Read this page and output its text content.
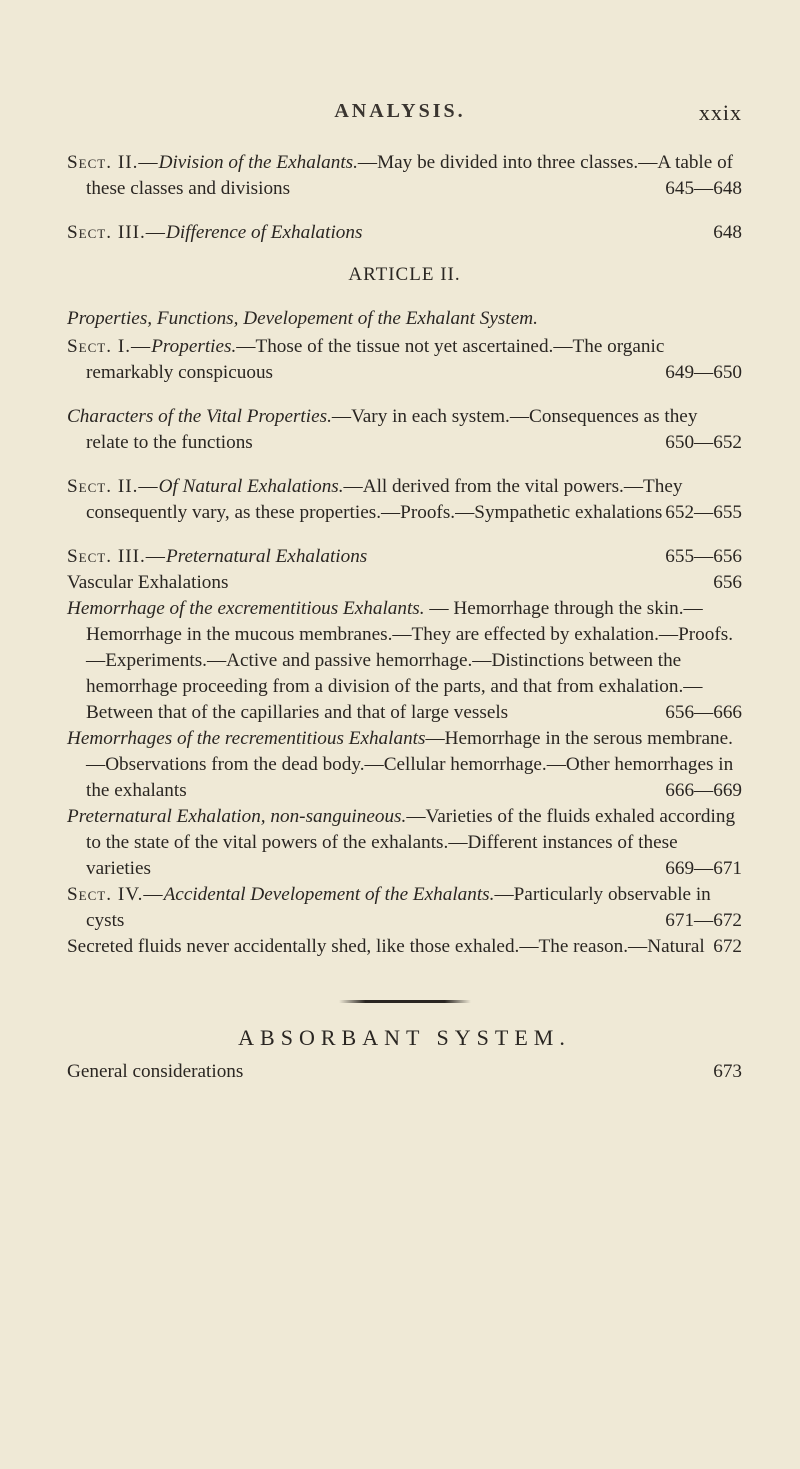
ANALYSIS.	xxix
Sect. II.—Division of the Exhalants.—May be divided into three classes.—A table of these classes and divisions	645—648
Sect. III.—Difference of Exhalations	648
ARTICLE II.
Properties, Functions, Developement of the Exhalant System.
Sect. I.—Properties.—Those of the tissue not yet ascertained.—The organic remarkably conspicuous	649—650
Characters of the Vital Properties.—Vary in each system.—Consequences as they relate to the functions	650—652
Sect. II.—Of Natural Exhalations.—All derived from the vital powers.—They consequently vary, as these properties.—Proofs.—Sympathetic exhalations 652—655
Sect. III.—Preternatural Exhalations	655—656
Vascular Exhalations	656
Hemorrhage of the excrementitious Exhalants. — Hemorrhage through the skin.—Hemorrhage in the mucous membranes.—They are effected by exhalation.—Proofs.—Experiments.—Active and passive hemorrhage.—Distinctions between the hemorrhage proceeding from a division of the parts, and that from exhalation.—Between that of the capillaries and that of large vessels	656—666
Hemorrhages of the recrementitious Exhalants—Hemorrhage in the serous membrane.—Observations from the dead body.—Cellular hemorrhage.—Other hemorrhages in the exhalants	666—669
Preternatural Exhalation, non-sanguineous.—Varieties of the fluids exhaled according to the state of the vital powers of the exhalants.—Different instances of these varieties	669—671
Sect. IV.—Accidental Developement of the Exhalants.—Particularly observable in cysts	671—672
Secreted fluids never accidentally shed, like those exhaled.—The reason.—Natural 672
ABSORBANT SYSTEM.
General considerations	673
